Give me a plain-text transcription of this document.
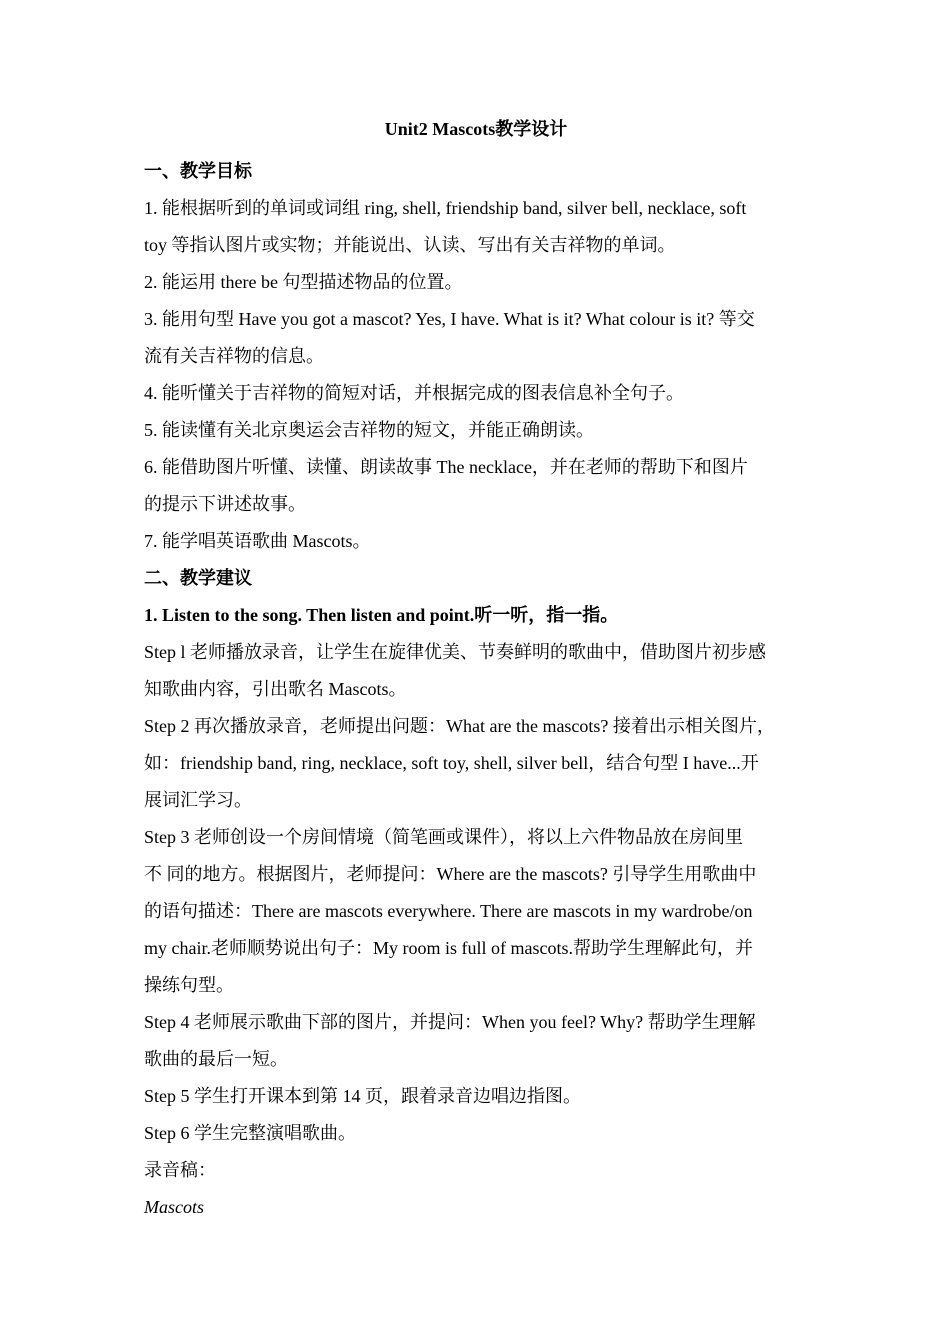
Unit2 Mascots教学设计
一、教学目标
1. 能根据听到的单词或词组 ring, shell, friendship band, silver bell, necklace, soft
toy 等指认图片或实物；并能说出、认读、写出有关吉祥物的单词。
2. 能运用 there be 句型描述物品的位置。
3. 能用句型 Have you got a mascot? Yes, I have. What is it? What colour is it? 等交
流有关吉祥物的信息。
4. 能听懂关于吉祥物的简短对话，并根据完成的图表信息补全句子。
5. 能读懂有关北京奥运会吉祥物的短文，并能正确朗读。
6. 能借助图片听懂、读懂、朗读故事 The necklace，并在老师的帮助下和图片
的提示下讲述故事。
7. 能学唱英语歌曲 Mascots。
二、教学建议
1. Listen to the song. Then listen and point.听一听，指一指。
Step l 老师播放录音，让学生在旋律优美、节奏鲜明的歌曲中，借助图片初步感
知歌曲内容，引出歌名 Mascots。
Step 2 再次播放录音，老师提出问题：What are the mascots? 接着出示相关图片，
如：friendship band, ring, necklace, soft toy, shell, silver bell，结合句型 I have...开
展词汇学习。
Step 3 老师创设一个房间情境（简笔画或课件），将以上六件物品放在房间里
不 同的地方。根据图片，老师提问：Where are the mascots? 引导学生用歌曲中
的语句描述：There are mascots everywhere. There are mascots in my wardrobe/on
my chair.老师顺势说出句子：My room is full of mascots.帮助学生理解此句，并
操练句型。
Step 4 老师展示歌曲下部的图片，并提问：When you feel? Why? 帮助学生理解
歌曲的最后一短。
Step 5 学生打开课本到第 14 页，跟着录音边唱边指图。
Step 6 学生完整演唱歌曲。
录音稿：
Mascots
